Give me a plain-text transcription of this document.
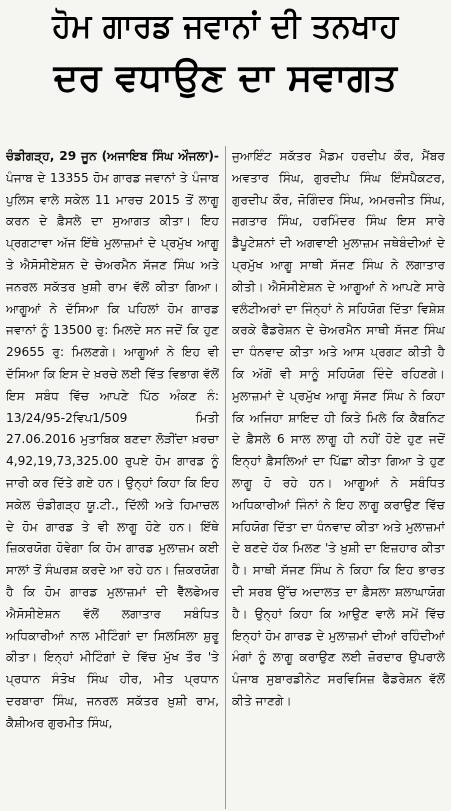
ਹੋਮ ਗਾਰਡ ਜਵਾਨਾਂ ਦੀ ਤਨਖਾਹ
ਦਰ ਵਧਾਉਣ ਦਾ ਸਵਾਗਤ

ਚੰਡੀਗੜ੍ਹ, 29 ਜੂਨ (ਅਜਾਇਬ ਸਿੰਘ ਔਜਲਾ)- ਪੰਜਾਬ ਦੇ 13355 ਹੋਮ ਗਾਰਡ ਜਵਾਨਾਂ ਤੇ ਪੰਜਾਬ ਪੁਲਿਸ ਵਾਲੇ ਸਕੇਲ 11 ਮਾਰਚ 2015 ਤੋਂ ਲਾਗੂ ਕਰਨ ਦੇ ਫ਼ੈਸਲੇ ਦਾ ਸੁਆਗਤ ਕੀਤਾ। ਇਹ ਪ੍ਰਗਟਾਵਾ ਅੱਜ ਇੱਥੇ ਮੁਲਾਜ਼ਮਾਂ ਦੇ ਪ੍ਰਮੁੱਖ ਆਗੂ ਤੇ ਐਸੋਸੀਏਸ਼ਨ ਦੇ ਚੇਅਰਮੈਨ ਸੱਜਣ ਸਿੰਘ ਅਤੇ ਜਨਰਲ ਸਕੱਤਰ ਖ਼ੁਸ਼ੀ ਰਾਮ ਵੱਲੋਂ ਕੀਤਾ ਗਿਆ। ਆਗੂਆਂ ਨੇ ਦੱਸਿਆ ਕਿ ਪਹਿਲਾਂ ਹੋਮ ਗਾਰਡ ਜਵਾਨਾਂ ਨੂੰ 13500 ਰੁ: ਮਿਲਦੇ ਸਨ ਜਦੋਂ ਕਿ ਹੁਣ 29655 ਰੁ: ਮਿਲਣਗੇ। ਆਗੂਆਂ ਨੇ ਇਹ ਵੀ ਦੱਸਿਆ ਕਿ ਇਸ ਦੇ ਖ਼ਰਚੇ ਲਈ ਵਿੱਤ ਵਿਭਾਗ ਵੱਲੋਂ ਇਸ ਸਬੰਧ ਵਿੱਚ ਆਪਣੇ ਪਿੱਠ ਅੰਕਣ ਨੰ: 13/24/95-2ਵਿਪ1/509 ਮਿਤੀ 27.06.2016 ਮੁਤਾਬਿਕ ਬਣਦਾ ਲੋੜੀਂਦਾ ਖ਼ਰਚਾ 4,92,19,73,325.00 ਰੁਪਏ ਹੋਮ ਗਾਰਡ ਨੂੰ ਜਾਰੀ ਕਰ ਦਿੱਤੇ ਗਏ ਹਨ। ਉਨ੍ਹਾਂ ਕਿਹਾ ਕਿ ਇਹ ਸਕੇਲ ਚੰਡੀਗੜ੍ਹ ਯੂ.ਟੀ., ਦਿੱਲੀ ਅਤੇ ਹਿਮਾਚਲ ਦੇ ਹੋਮ ਗਾਰਡ ਤੇ ਵੀ ਲਾਗੂ ਹੋਣੇ ਹਨ। ਇੱਥੇ ਜ਼ਿਕਰਯੋਗ ਹੋਵੇਗਾ ਕਿ ਹੋਮ ਗਾਰਡ ਮੁਲਾਜ਼ਮ ਕਈ ਸਾਲਾਂ ਤੋਂ ਸੰਘਰਸ਼ ਕਰਦੇ ਆ ਰਹੇ ਹਨ। ਜ਼ਿਕਰਯੋਗ ਹੈ ਕਿ ਹੋਮ ਗਾਰਡ ਮੁਲਾਜ਼ਮਾਂ ਦੀ ਵੈੱਲਫੇਅਰ ਐਸੋਸੀਏਸ਼ਨ ਵੱਲੋਂ ਲਗਾਤਾਰ ਸਬੰਧਿਤ ਅਧਿਕਾਰੀਆਂ ਨਾਲ ਮੀਟਿੰਗਾਂ ਦਾ ਸਿਲਸਿਲਾ ਸ਼ੁਰੂ ਕੀਤਾ। ਇਨ੍ਹਾਂ ਮੀਟਿੰਗਾਂ ਦੇ ਵਿੱਚ ਮੁੱਖ ਤੌਰ 'ਤੇ ਪ੍ਰਧਾਨ ਸੰਤੋਖ ਸਿੰਘ ਹੀਰ, ਮੀਤ ਪ੍ਰਧਾਨ ਦਰਬਾਰਾ ਸਿੰਘ, ਜਨਰਲ ਸਕੱਤਰ ਖ਼ੁਸ਼ੀ ਰਾਮ, ਕੈਸ਼ੀਅਰ ਗੁਰਮੀਤ ਸਿੰਘ,

ਜੁਆਇੰਟ ਸਕੱਤਰ ਮੈਡਮ ਹਰਦੀਪ ਕੌਰ, ਮੈਂਬਰ ਅਵਤਾਰ ਸਿੰਘ, ਗੁਰਦੀਪ ਸਿੰਘ ਇੰਸਪੈਕਟਰ, ਗੁਰਦੀਪ ਕੌਰ, ਜੋਗਿੰਦਰ ਸਿੰਘ, ਅਮਰਜੀਤ ਸਿੰਘ, ਜਗਤਾਰ ਸਿੰਘ, ਹਰਮਿੰਦਰ ਸਿੰਘ ਇਸ ਸਾਰੇ ਡੈਪੂਟੇਸ਼ਨਾਂ ਦੀ ਅਗਵਾਈ ਮੁਲਾਜ਼ਮ ਜਥੇਬੰਦੀਆਂ ਦੇ ਪ੍ਰਮੁੱਖ ਆਗੂ ਸਾਥੀ ਸੱਜਣ ਸਿੰਘ ਨੇ ਲਗਾਤਾਰ ਕੀਤੀ। ਐਸੋਸੀਏਸ਼ਨ ਦੇ ਆਗੂਆਂ ਨੇ ਆਪਣੇ ਸਾਰੇ ਵਲੰਟੀਅਰਾਂ ਦਾ ਜਿੰਨ੍ਹਾਂ ਨੇ ਸਹਿਯੋਗ ਦਿੱਤਾ ਵਿਸ਼ੇਸ਼ ਕਰਕੇ ਫੈਡਰੇਸ਼ਨ ਦੇ ਚੇਅਰਮੈਨ ਸਾਥੀ ਸੱਜਣ ਸਿੰਘ ਦਾ ਧੰਨਵਾਦ ਕੀਤਾ ਅਤੇ ਆਸ ਪ੍ਰਗਟ ਕੀਤੀ ਹੈ ਕਿ ਅੱਗੋਂ ਵੀ ਸਾਨੂੰ ਸਹਿਯੋਗ ਦਿੰਦੇ ਰਹਿਣਗੇ। ਮੁਲਾਜ਼ਮਾਂ ਦੇ ਪ੍ਰਮੁੱਖ ਆਗੂ ਸੱਜਣ ਸਿੰਘ ਨੇ ਕਿਹਾ ਕਿ ਅਜਿਹਾ ਸ਼ਾਇਦ ਹੀ ਕਿਤੇ ਮਿਲੇ ਕਿ ਕੈਬਨਿਟ ਦੇ ਫ਼ੈਸਲੇ 6 ਸਾਲ ਲਾਗੂ ਹੀ ਨਹੀਂ ਹੋਏ ਹੁਣ ਜਦੋਂ ਇਨ੍ਹਾਂ ਫ਼ੈਸਲਿਆਂ ਦਾ ਪਿੱਛਾ ਕੀਤਾ ਗਿਆ ਤੇ ਹੁਣ ਲਾਗੂ ਹੋ ਰਹੇ ਹਨ। ਆਗੂਆਂ ਨੇ ਸਬੰਧਿਤ ਅਧਿਕਾਰੀਆਂ ਜਿੰਨਾਂ ਨੇ ਇਹ ਲਾਗੂ ਕਰਾਉਣ ਵਿੱਚ ਸਹਿਯੋਗ ਦਿੱਤਾ ਦਾ ਧੰਨਵਾਦ ਕੀਤਾ ਅਤੇ ਮੁਲਾਜ਼ਮਾਂ ਦੇ ਬਣਦੇ ਹੱਕ ਮਿਲਣ 'ਤੇ ਖ਼ੁਸ਼ੀ ਦਾ ਇਜ਼ਹਾਰ ਕੀਤਾ ਹੈ। ਸਾਥੀ ਸੱਜਣ ਸਿੰਘ ਨੇ ਕਿਹਾ ਕਿ ਇਹ ਭਾਰਤ ਦੀ ਸਰਬ ਉੱਚ ਅਦਾਲਤ ਦਾ ਫ਼ੈਸਲਾ ਸ਼ਲਾਘਾਯੋਗ ਹੈ। ਉਨ੍ਹਾਂ ਕਿਹਾ ਕਿ ਆਉਣ ਵਾਲੇ ਸਮੇਂ ਵਿੱਚ ਇਨ੍ਹਾਂ ਹੋਮ ਗਾਰਡ ਦੇ ਮੁਲਾਜ਼ਮਾਂ ਦੀਆਂ ਰਹਿੰਦੀਆਂ ਮੰਗਾਂ ਨੂੰ ਲਾਗੂ ਕਰਾਉਣ ਲਈ ਜ਼ੋਰਦਾਰ ਉਪਰਾਲੇ ਪੰਜਾਬ ਸੁਬਾਰਡੀਨੇਟ ਸਰਵਿਸਿਜ਼ ਫੈਡਰੇਸ਼ਨ ਵੱਲੋਂ ਕੀਤੇ ਜਾਣਗੇ।
